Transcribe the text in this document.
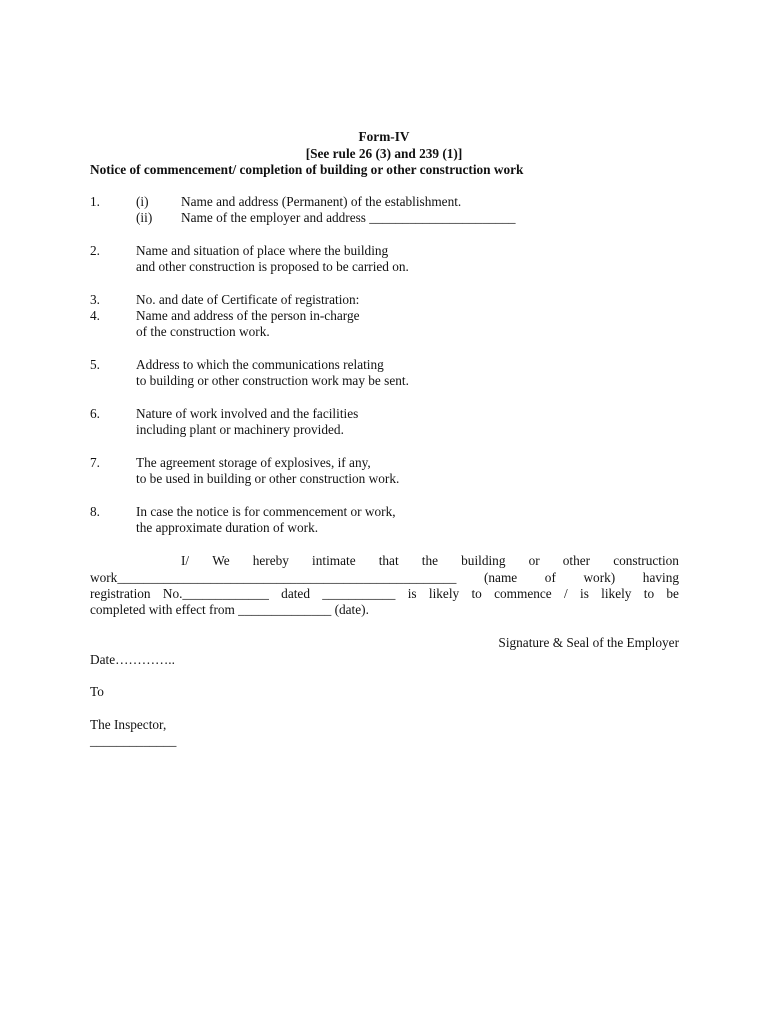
Form-IV
[See rule 26 (3) and 239 (1)]
Notice of commencement/ completion of building or other construction work
1.	(i) Name and address (Permanent) of the establishment.
(ii) Name of the employer and address ______________________
2.	Name and situation of place where the building
and other construction is proposed to be carried on.
3.	No. and date of Certificate of registration:
4.	Name and address of the person in-charge
of the construction work.
5.	Address to which the communications relating
to building or other construction work may be sent.
6.	Nature of work involved and the facilities
including plant or machinery provided.
7.	The agreement storage of explosives, if any,
to be used in building or other construction work.
8.	In case the notice is for commencement or work,
the approximate duration of work.
I/ We hereby intimate that the building or other construction
work___________________________________________________ (name of work) having
registration No._____________ dated ___________ is likely to commence / is likely to be
completed with effect from ______________ (date).
Signature & Seal of the Employer
Date…………..
To
The Inspector,
_____________
